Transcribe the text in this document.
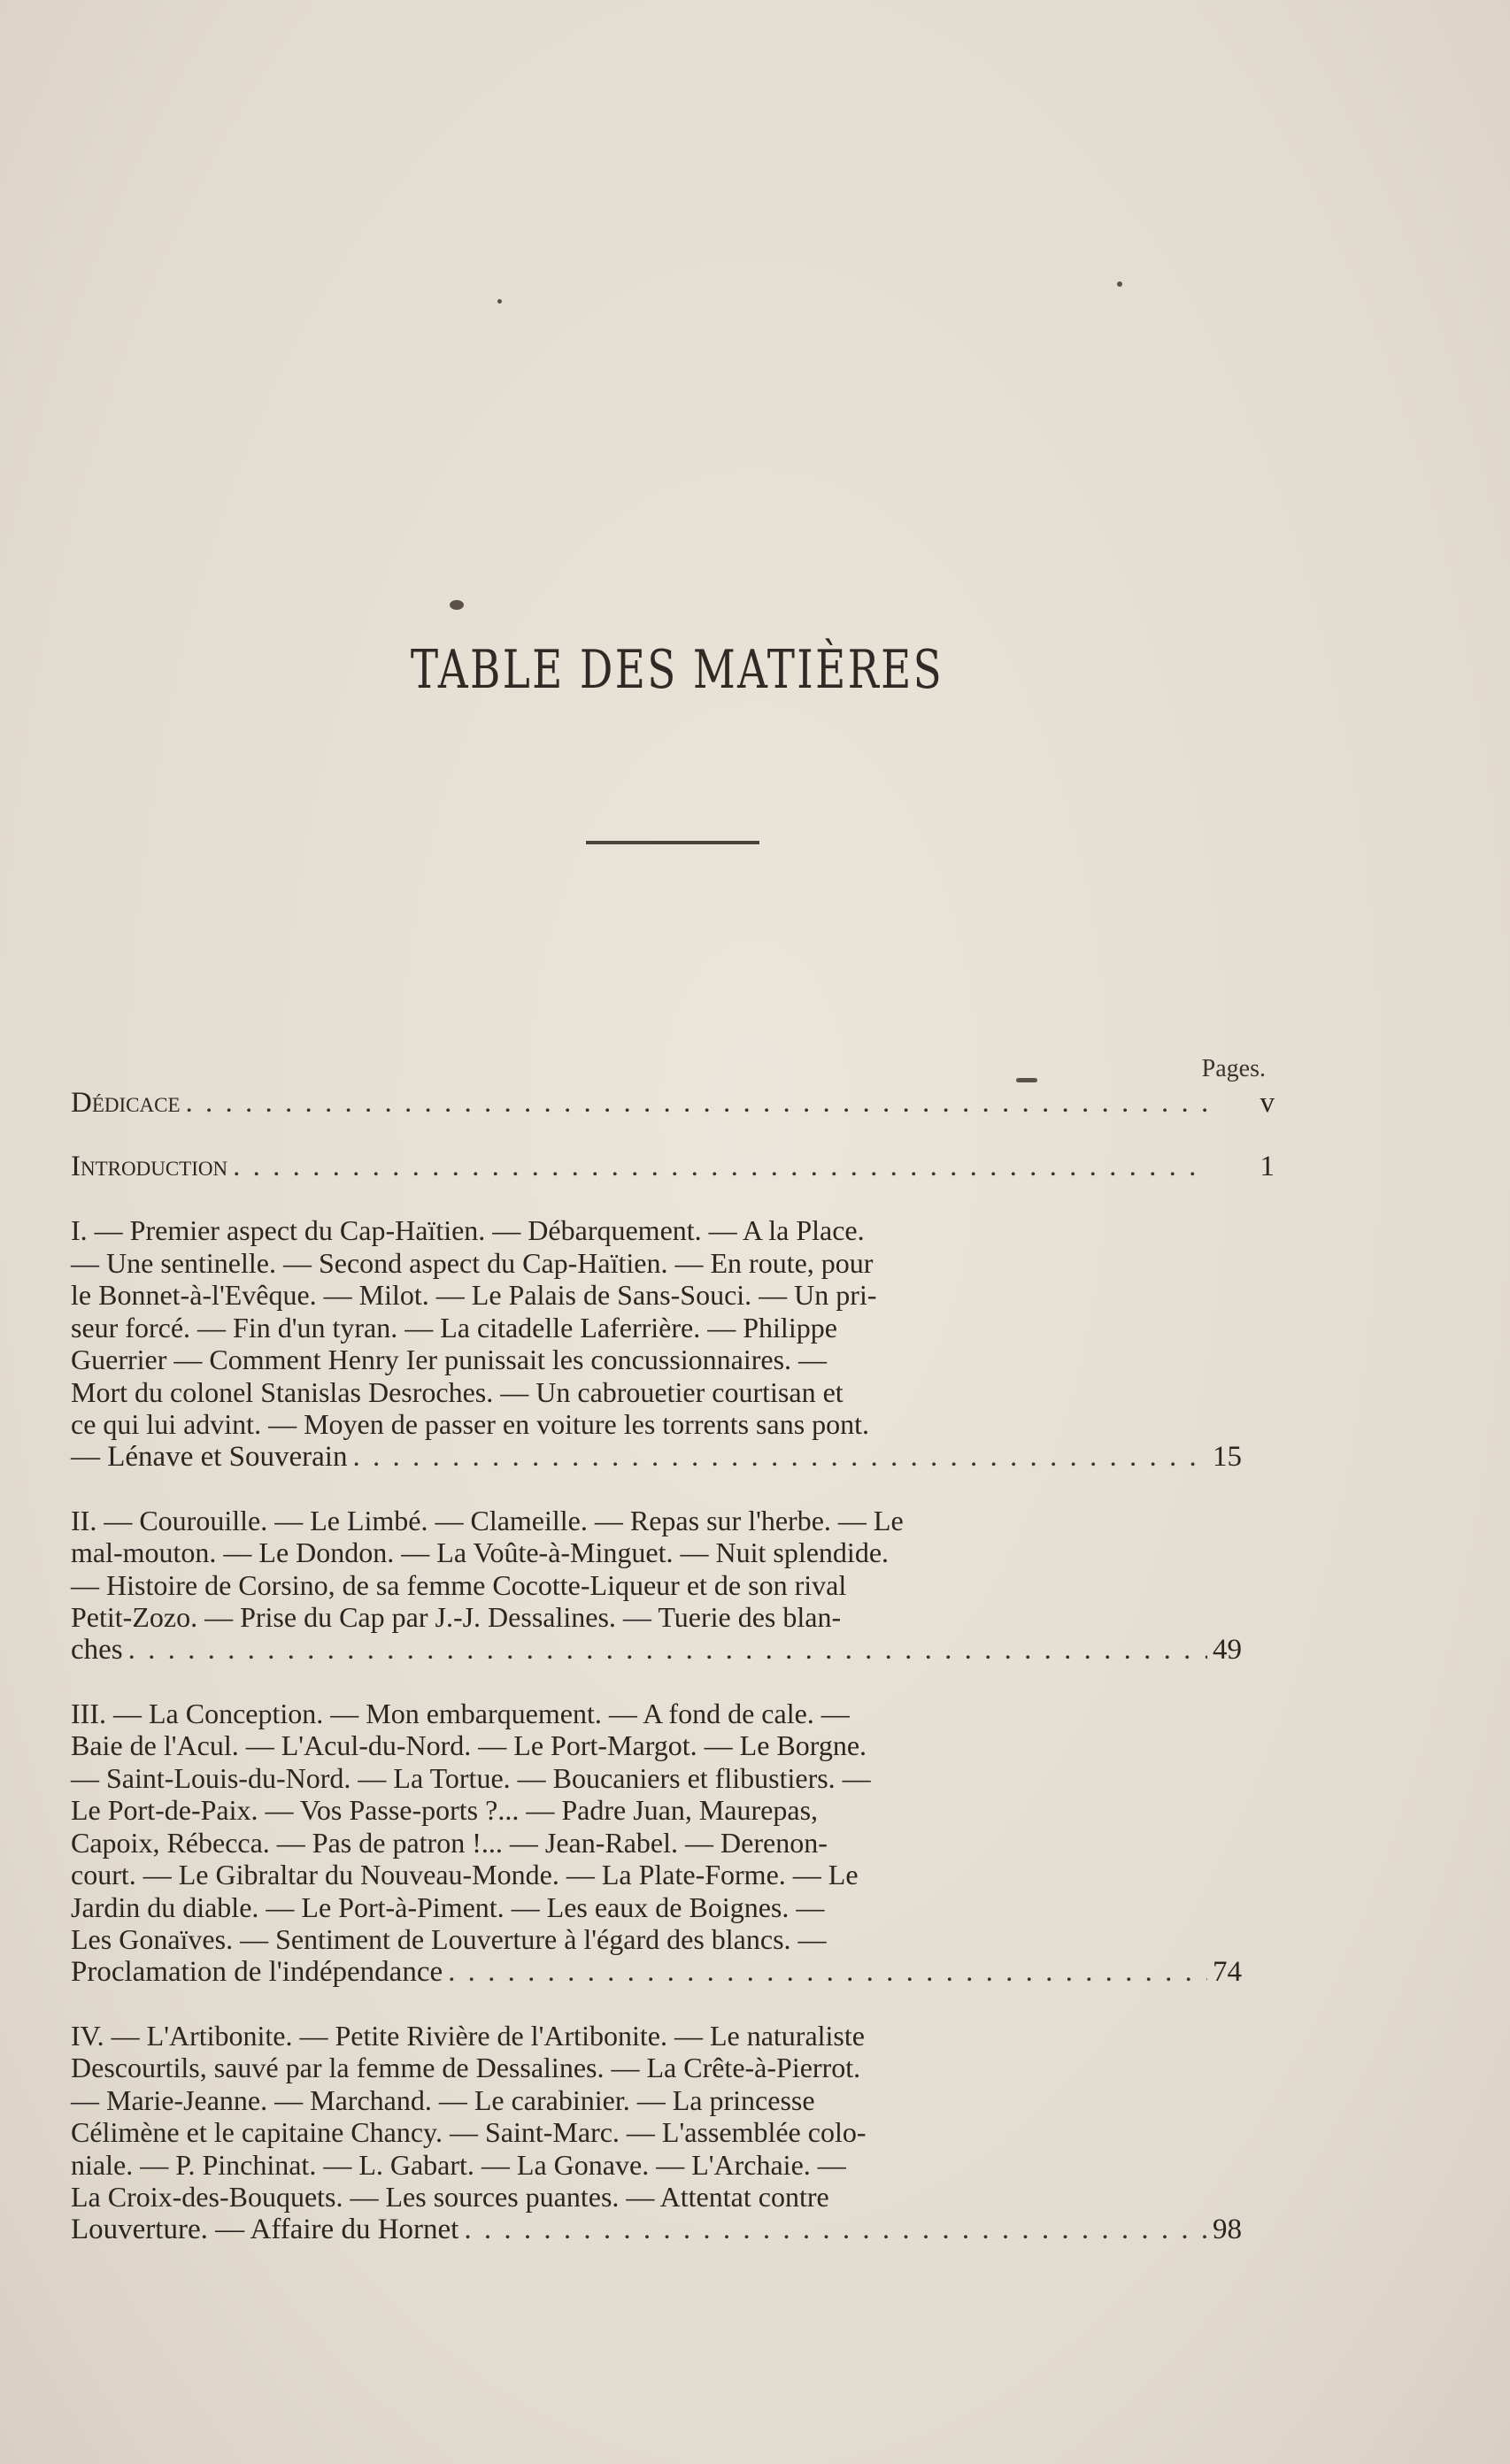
TABLE DES MATIÈRES
Pages.
Dédicace . . .	v
Introduction . . .	1
I. — Premier aspect du Cap-Haïtien. — Débarquement. — A la Place.
— Une sentinelle. — Second aspect du Cap-Haïtien. — En route, pour
le Bonnet-à-l'Evêque. — Milot. — Le Palais de Sans-Souci. — Un pri-
seur forcé. — Fin d'un tyran. — La citadelle Laferrière. — Philippe
Guerrier — Comment Henry Ier punissait les concussionnaires. —
Mort du colonel Stanislas Desroches. — Un cabrouetier courtisan et
ce qui lui advint. — Moyen de passer en voiture les torrents sans pont.
— Lénave et Souverain . . .	15
II. — Courouille. — Le Limbé. — Clameille. — Repas sur l'herbe. — Le
mal-mouton. — Le Dondon. — La Voûte-à-Minguet. — Nuit splendide.
— Histoire de Corsino, de sa femme Cocotte-Liqueur et de son rival
Petit-Zozo. — Prise du Cap par J.-J. Dessalines. — Tuerie des blan-
ches . . .	49
III. — La Conception. — Mon embarquement. — A fond de cale. —
Baie de l'Acul. — L'Acul-du-Nord. — Le Port-Margot. — Le Borgne.
— Saint-Louis-du-Nord. — La Tortue. — Boucaniers et flibustiers. —
Le Port-de-Paix. — Vos Passe-ports ?... — Padre Juan, Maurepas,
Capoix, Rébecca. — Pas de patron !... — Jean-Rabel. — Derenon-
court. — Le Gibraltar du Nouveau-Monde. — La Plate-Forme. — Le
Jardin du diable. — Le Port-à-Piment. — Les eaux de Boignes. —
Les Gonaïves. — Sentiment de Louverture à l'égard des blancs. —
Proclamation de l'indépendance . . .	74
IV. — L'Artibonite. — Petite Rivière de l'Artibonite. — Le naturaliste
Descourtils, sauvé par la femme de Dessalines. — La Crête-à-Pierrot.
— Marie-Jeanne. — Marchand. — Le carabinier. — La princesse
Célimène et le capitaine Chancy. — Saint-Marc. — L'assemblée colo-
niale. — P. Pinchinat. — L. Gabart. — La Gonave. — L'Archaie. —
La Croix-des-Bouquets. — Les sources puantes. — Attentat contre
Louverture. — Affaire du Hornet . . .	98
